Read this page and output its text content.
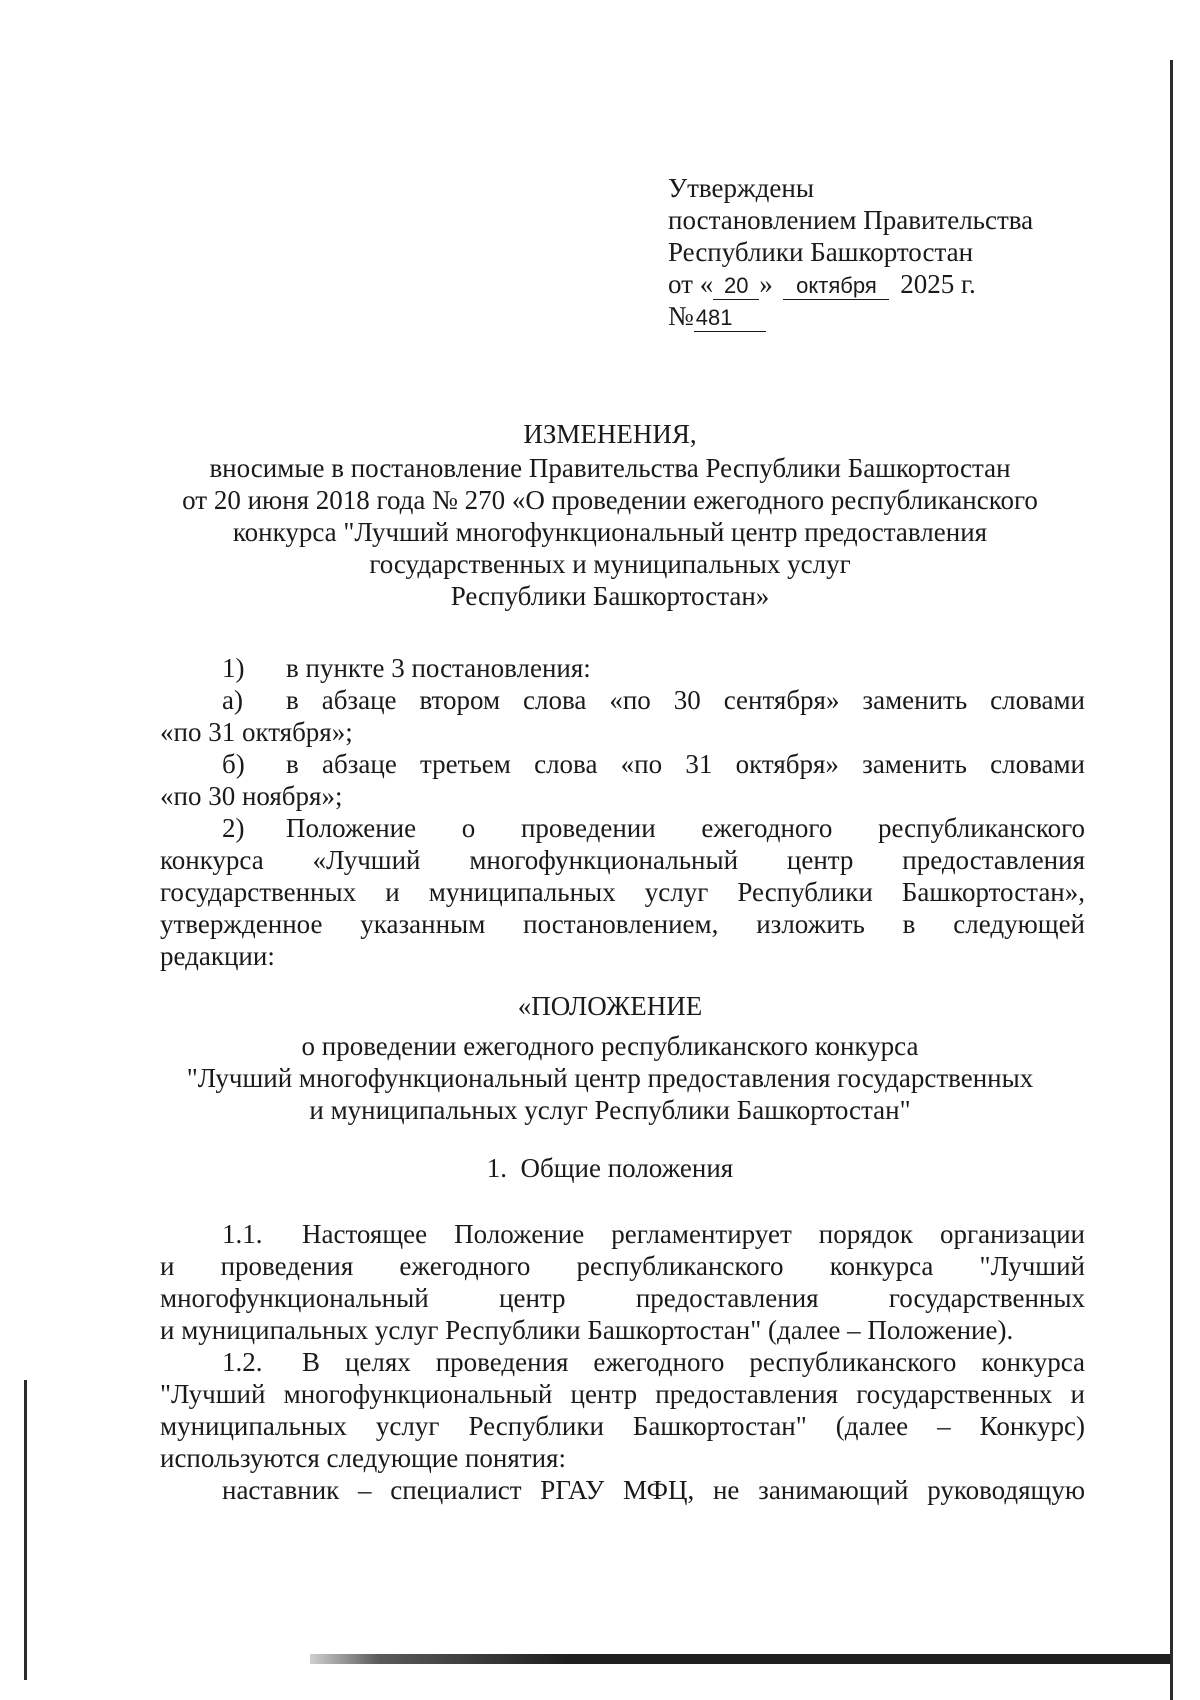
Утверждены
постановлением Правительства
Республики Башкортостан
от « 20 » октября 2025 г.
№481
ИЗМЕНЕНИЯ,
вносимые в постановление Правительства Республики Башкортостан
от 20 июня 2018 года № 270 «О проведении ежегодного республиканского
конкурса "Лучший многофункциональный центр предоставления
государственных и муниципальных услуг
Республики Башкортостан»
1) в пункте 3 постановления:
а) в абзаце втором слова «по 30 сентября» заменить словами
«по 31 октября»;
б) в абзаце третьем слова «по 31 октября» заменить словами
«по 30 ноября»;
2) Положение о проведении ежегодного республиканского
конкурса «Лучший многофункциональный центр предоставления
государственных и муниципальных услуг Республики Башкортостан»,
утвержденное указанным постановлением, изложить в следующей
редакции:
«ПОЛОЖЕНИЕ
о проведении ежегодного республиканского конкурса
"Лучший многофункциональный центр предоставления государственных
и муниципальных услуг Республики Башкортостан"
1. Общие положения
1.1. Настоящее Положение регламентирует порядок организации
и проведения ежегодного республиканского конкурса "Лучший
многофункциональный центр предоставления государственных
и муниципальных услуг Республики Башкортостан" (далее – Положение).
1.2. В целях проведения ежегодного республиканского конкурса
"Лучший многофункциональный центр предоставления государственных и
муниципальных услуг Республики Башкортостан" (далее – Конкурс)
используются следующие понятия:
наставник – специалист РГАУ МФЦ, не занимающий руководящую
